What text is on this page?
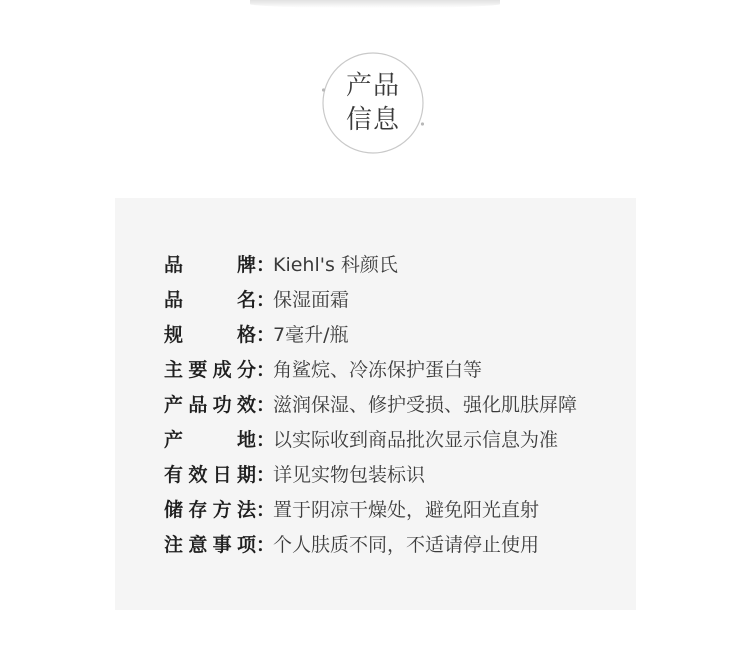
产品
信息
品牌 ：
Kiehl's 科颜氏
品名 ：
保湿面霜
规格 ：
7毫升/瓶
主要成分 ：
角鲨烷、冷冻保护蛋白等
产品功效 ：
滋润保湿、修护受损、强化肌肤屏障
产地 ：
以实际收到商品批次显示信息为准
有效日期 ：
详见实物包装标识
储存方法 ：
置于阴凉干燥处，避免阳光直射
注意事项 ：
个人肤质不同，不适请停止使用
